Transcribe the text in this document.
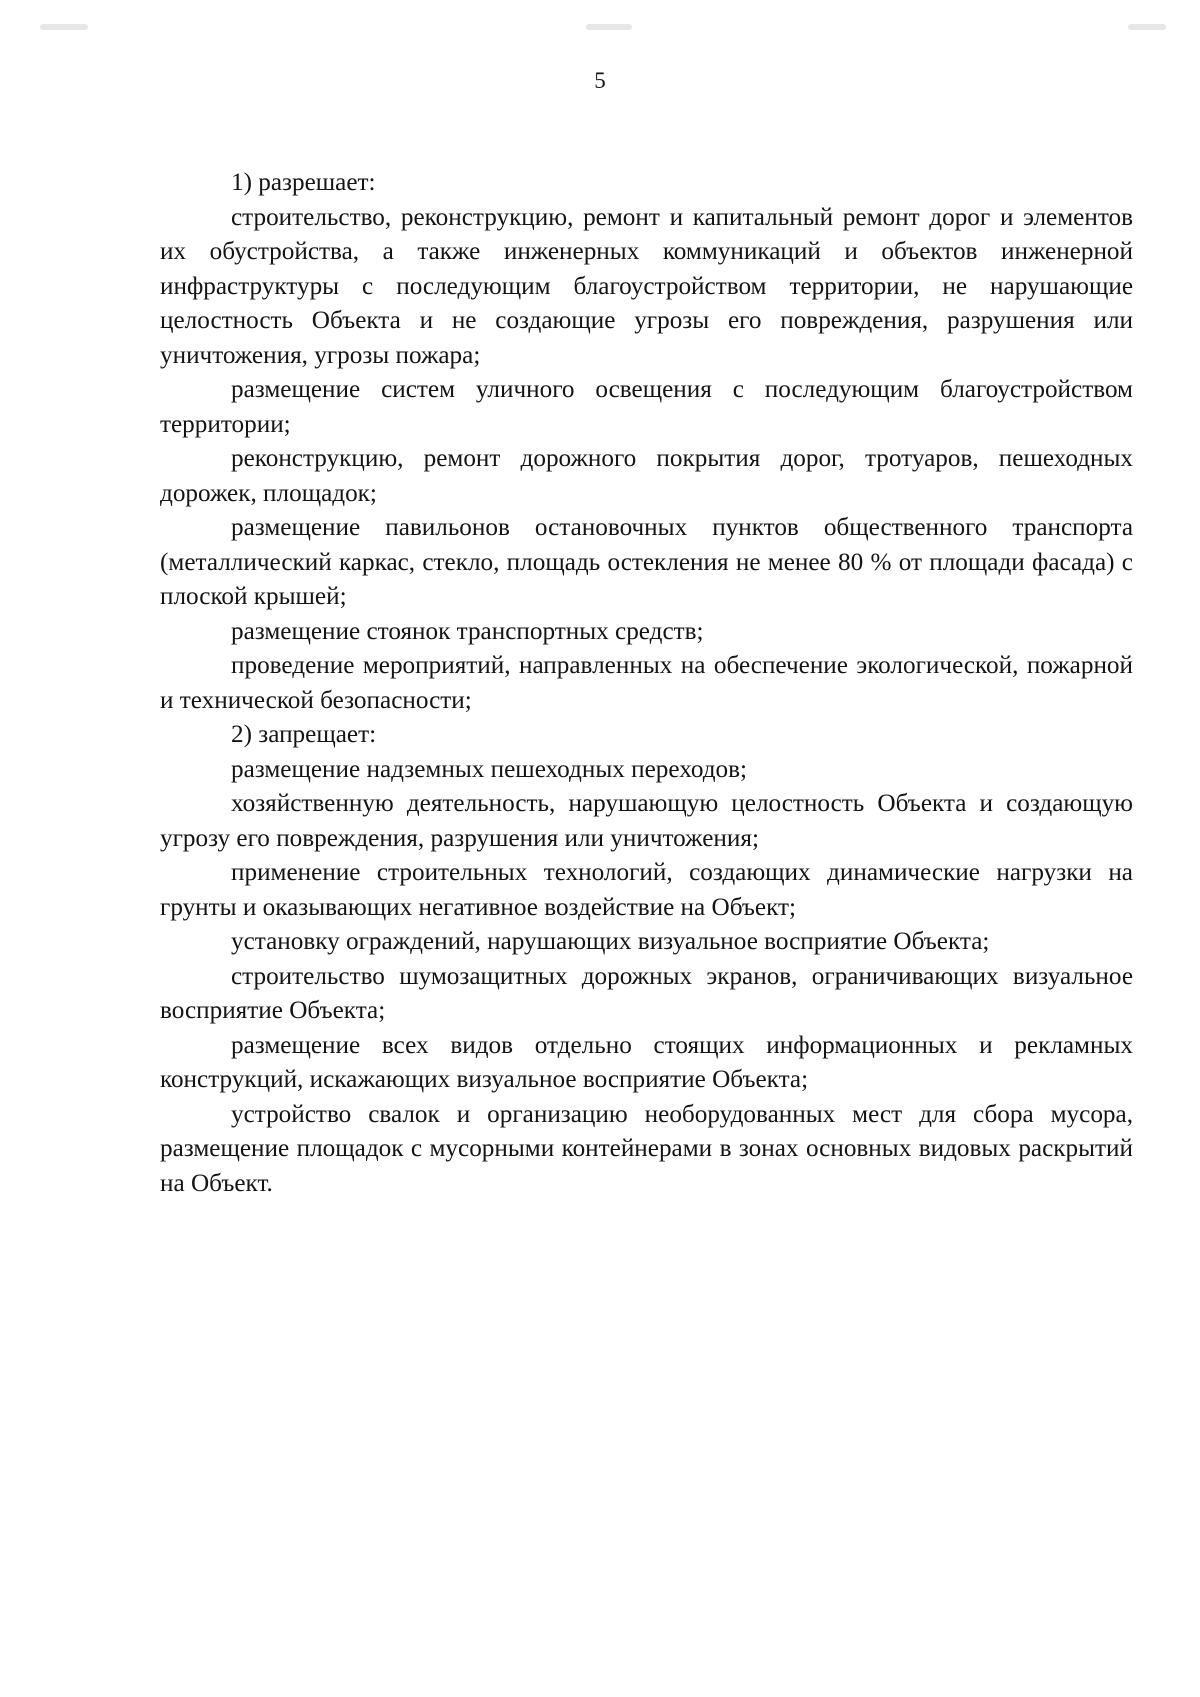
5

1) разрешает:

строительство, реконструкцию, ремонт и капитальный ремонт дорог и элементов их обустройства, а также инженерных коммуникаций и объектов инженерной инфраструктуры с последующим благоустройством территории, не нарушающие целостность Объекта и не создающие угрозы его повреждения, разрушения или уничтожения, угрозы пожара;

размещение систем уличного освещения с последующим благоустройством территории;

реконструкцию, ремонт дорожного покрытия дорог, тротуаров, пешеходных дорожек, площадок;

размещение павильонов остановочных пунктов общественного транспорта (металлический каркас, стекло, площадь остекления не менее 80 % от площади фасада) с плоской крышей;

размещение стоянок транспортных средств;

проведение мероприятий, направленных на обеспечение экологической, пожарной и технической безопасности;

2) запрещает:

размещение надземных пешеходных переходов;

хозяйственную деятельность, нарушающую целостность Объекта и создающую угрозу его повреждения, разрушения или уничтожения;

применение строительных технологий, создающих динамические нагрузки на грунты и оказывающих негативное воздействие на Объект;

установку ограждений, нарушающих визуальное восприятие Объекта;

строительство шумозащитных дорожных экранов, ограничивающих визуальное восприятие Объекта;

размещение всех видов отдельно стоящих информационных и рекламных конструкций, искажающих визуальное восприятие Объекта;

устройство свалок и организацию необорудованных мест для сбора мусора, размещение площадок с мусорными контейнерами в зонах основных видовых раскрытий на Объект.
